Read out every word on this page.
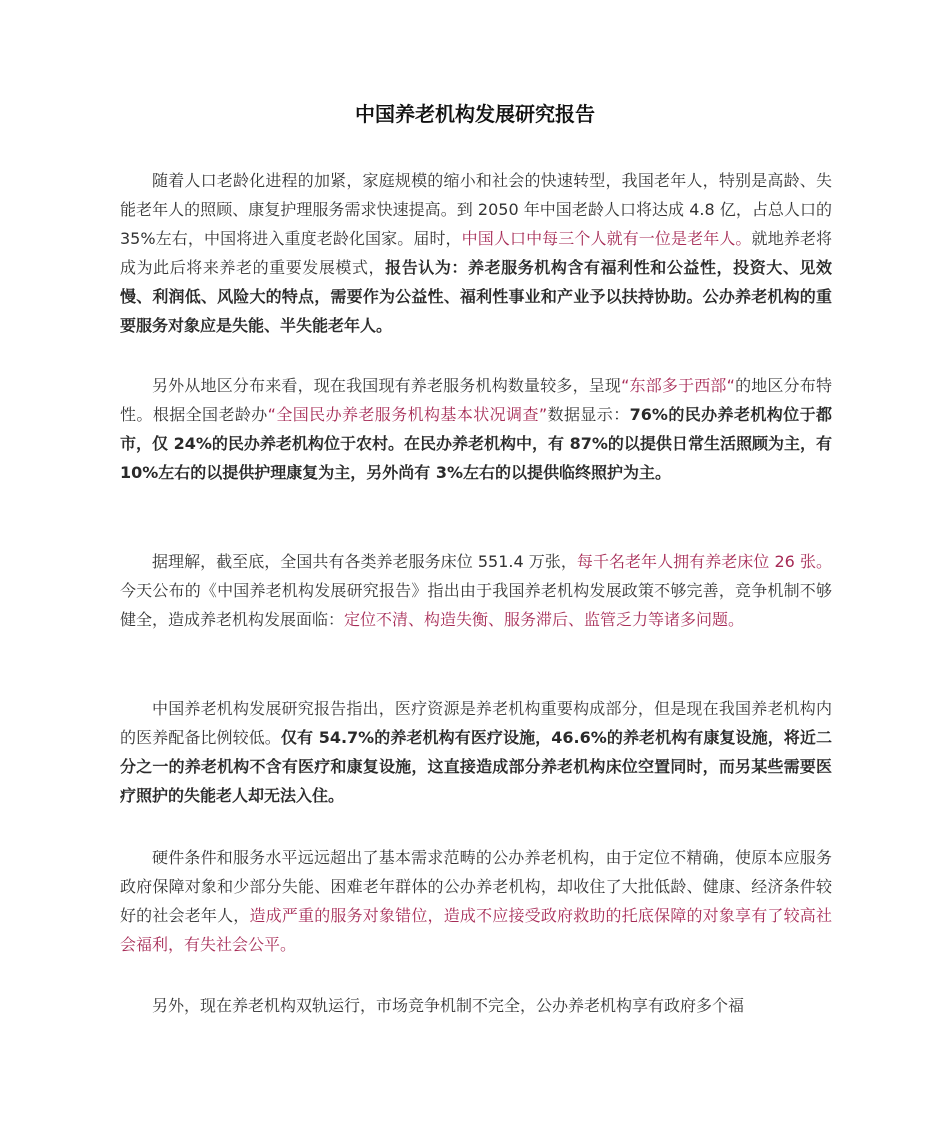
中国养老机构发展研究报告

随着人口老龄化进程的加紧，家庭规模的缩小和社会的快速转型，我国老年人，特别是高龄、失能老年人的照顾、康复护理服务需求快速提高。到 2050 年中国老龄人口将达成 4.8 亿，占总人口的 35%左右，中国将进入重度老龄化国家。届时，中国人口中每三个人就有一位是老年人。就地养老将成为此后将来养老的重要发展模式，报告认为：养老服务机构含有福利性和公益性，投资大、见效慢、利润低、风险大的特点，需要作为公益性、福利性事业和产业予以扶持协助。公办养老机构的重要服务对象应是失能、半失能老年人。

另外从地区分布来看，现在我国现有养老服务机构数量较多，呈现“东部多于西部“的地区分布特性。根据全国老龄办“全国民办养老服务机构基本状况调查”数据显示：76%的民办养老机构位于都市，仅 24%的民办养老机构位于农村。在民办养老机构中，有 87%的以提供日常生活照顾为主，有 10%左右的以提供护理康复为主，另外尚有 3%左右的以提供临终照护为主。

据理解，截至底，全国共有各类养老服务床位 551.4 万张，每千名老年人拥有养老床位 26 张。今天公布的《中国养老机构发展研究报告》指出由于我国养老机构发展政策不够完善，竞争机制不够健全，造成养老机构发展面临：定位不清、构造失衡、服务滞后、监管乏力等诸多问题。

中国养老机构发展研究报告指出，医疗资源是养老机构重要构成部分，但是现在我国养老机构内的医养配备比例较低。仅有 54.7%的养老机构有医疗设施，46.6%的养老机构有康复设施，将近二分之一的养老机构不含有医疗和康复设施，这直接造成部分养老机构床位空置同时，而另某些需要医疗照护的失能老人却无法入住。

硬件条件和服务水平远远超出了基本需求范畴的公办养老机构，由于定位不精确，使原本应服务政府保障对象和少部分失能、困难老年群体的公办养老机构，却收住了大批低龄、健康、经济条件较好的社会老年人，造成严重的服务对象错位，造成不应接受政府救助的托底保障的对象享有了较高社会福利，有失社会公平。

另外，现在养老机构双轨运行，市场竞争机制不完全，公办养老机构享有政府多个福
